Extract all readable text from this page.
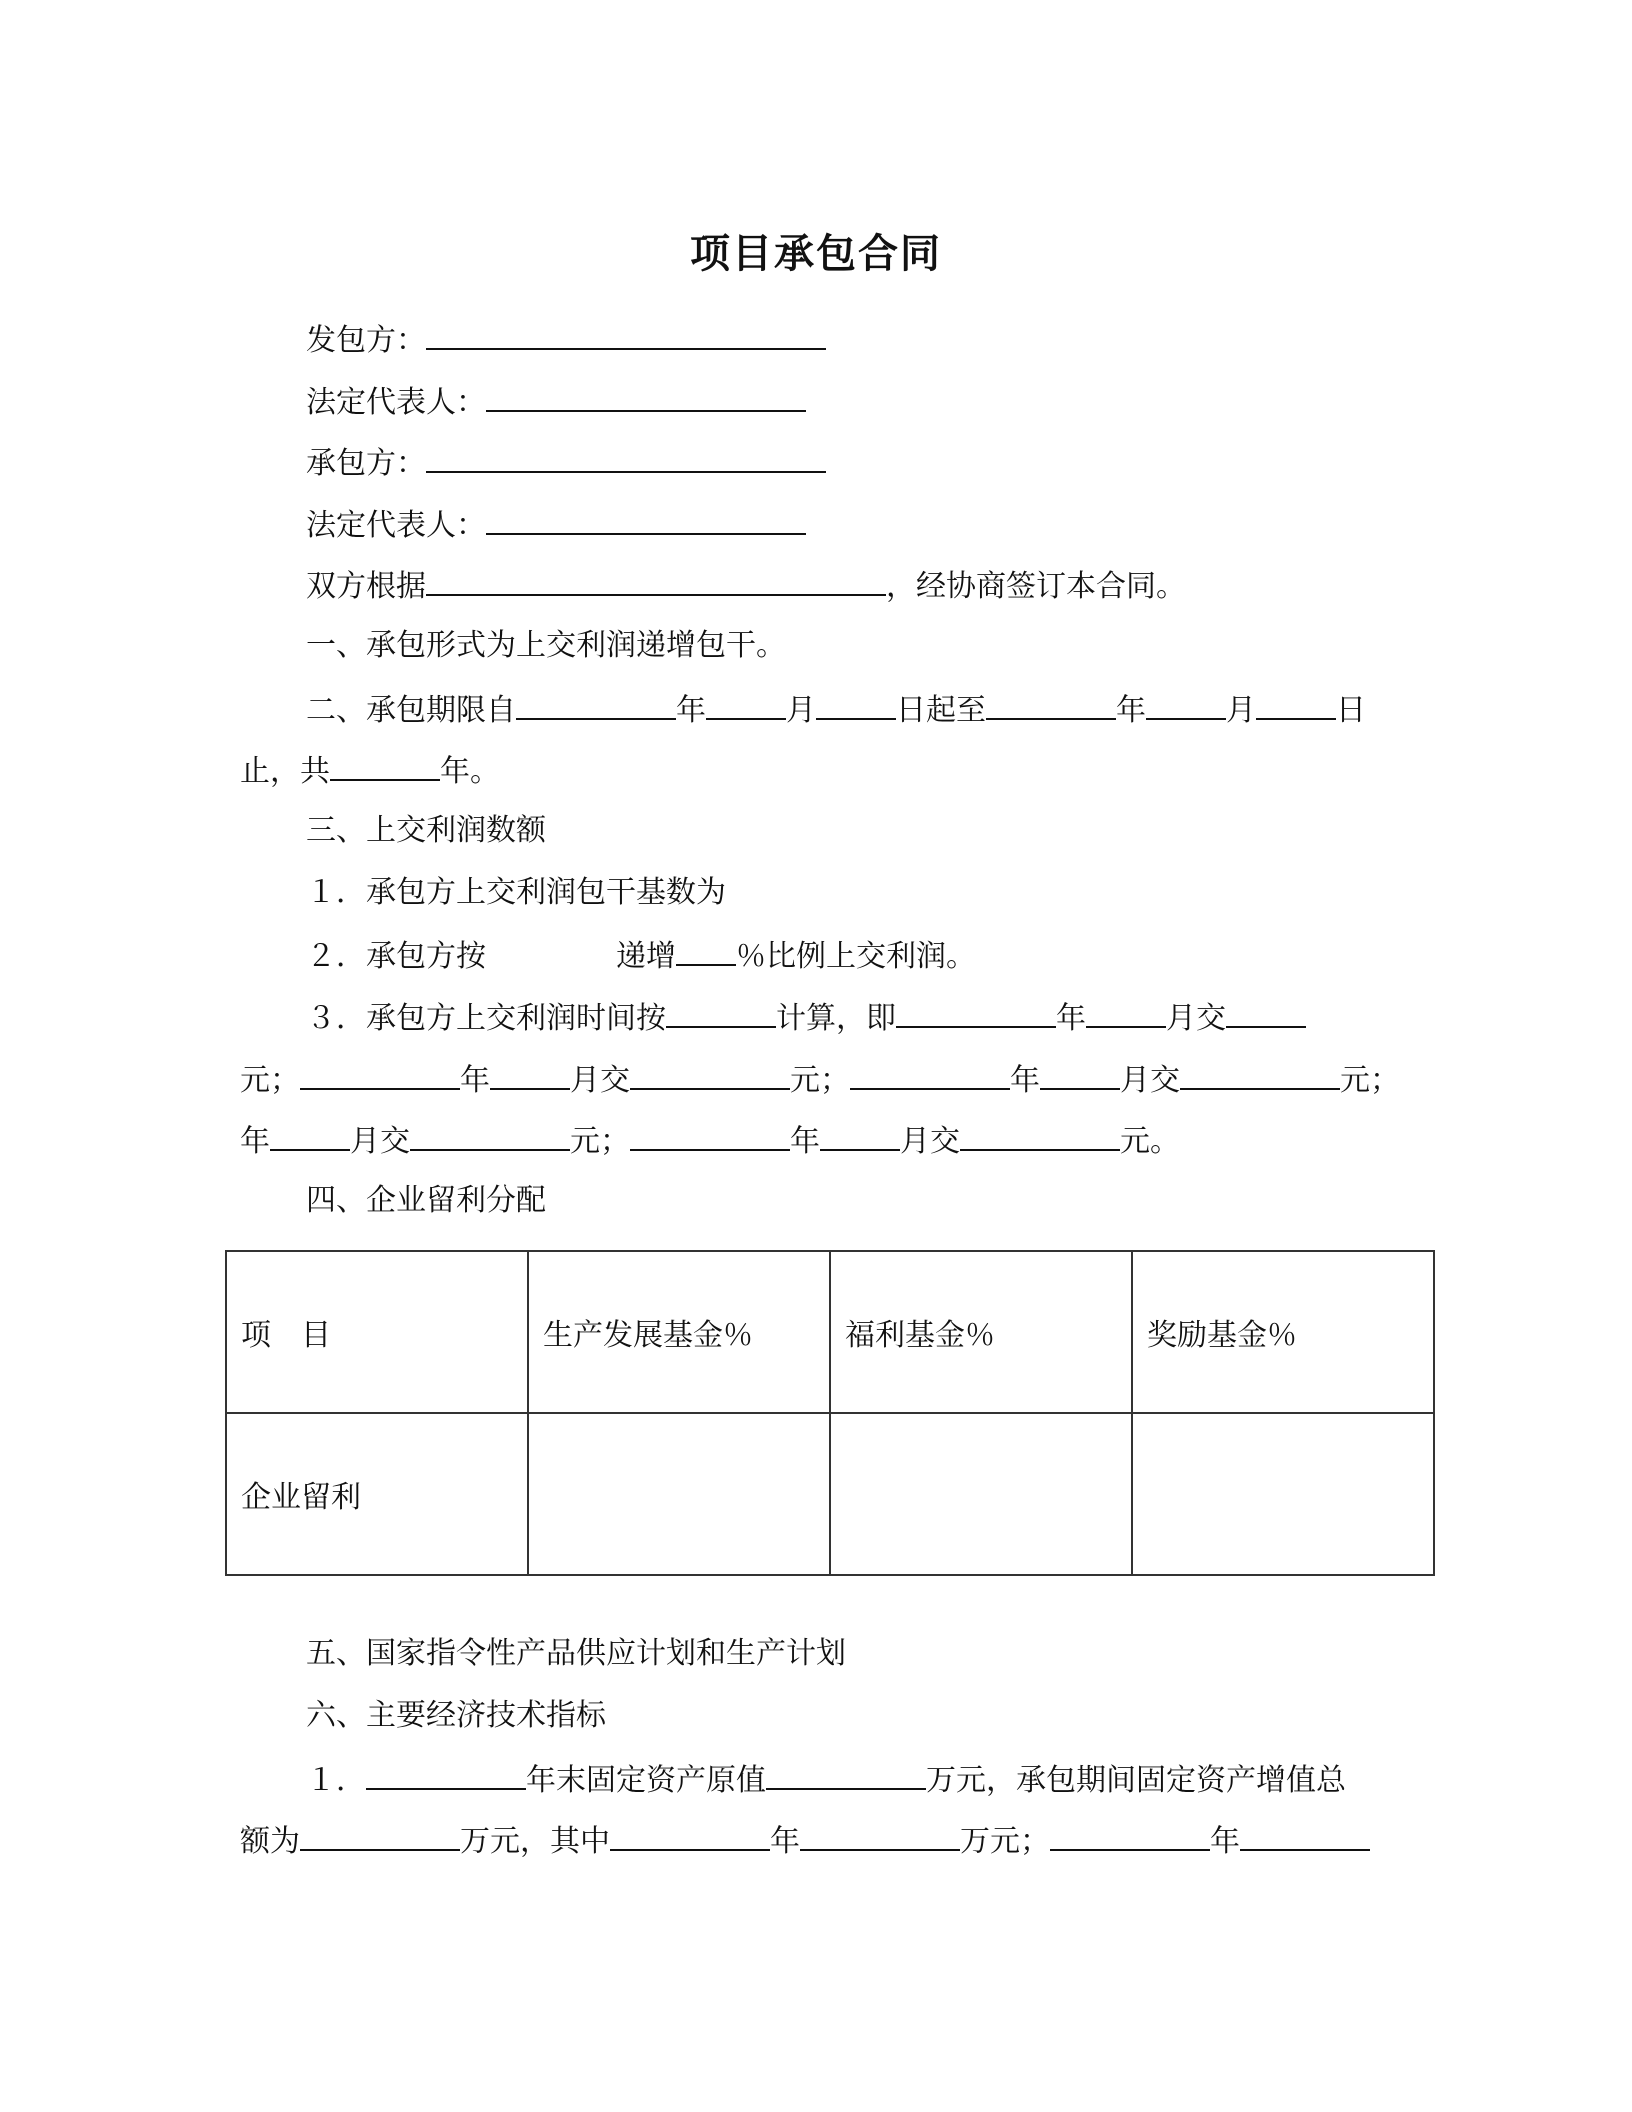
项目承包合同
发包方：
法定代表人：
承包方：
法定代表人：
双方根据	，经协商签订本合同。
一、承包形式为上交利润递增包干。
二、承包期限自	年	月	日起至	年	月	日
止，共	年。
三、上交利润数额
１．承包方上交利润包干基数为
２．承包方按	递增 ％比例上交利润。
３．承包方上交利润时间按	计算，即	年	月交
元；	年	月交	元；	年	月交	元；
年	月交	元；	年	月交	元。
四、企业留利分配
项　目	生产发展基金％	福利基金％	奖励基金％
企业留利			
五、国家指令性产品供应计划和生产计划
六、主要经济技术指标
１．	年末固定资产原值	万元，承包期间固定资产增值总
额为	万元，其中	年	万元；	年
